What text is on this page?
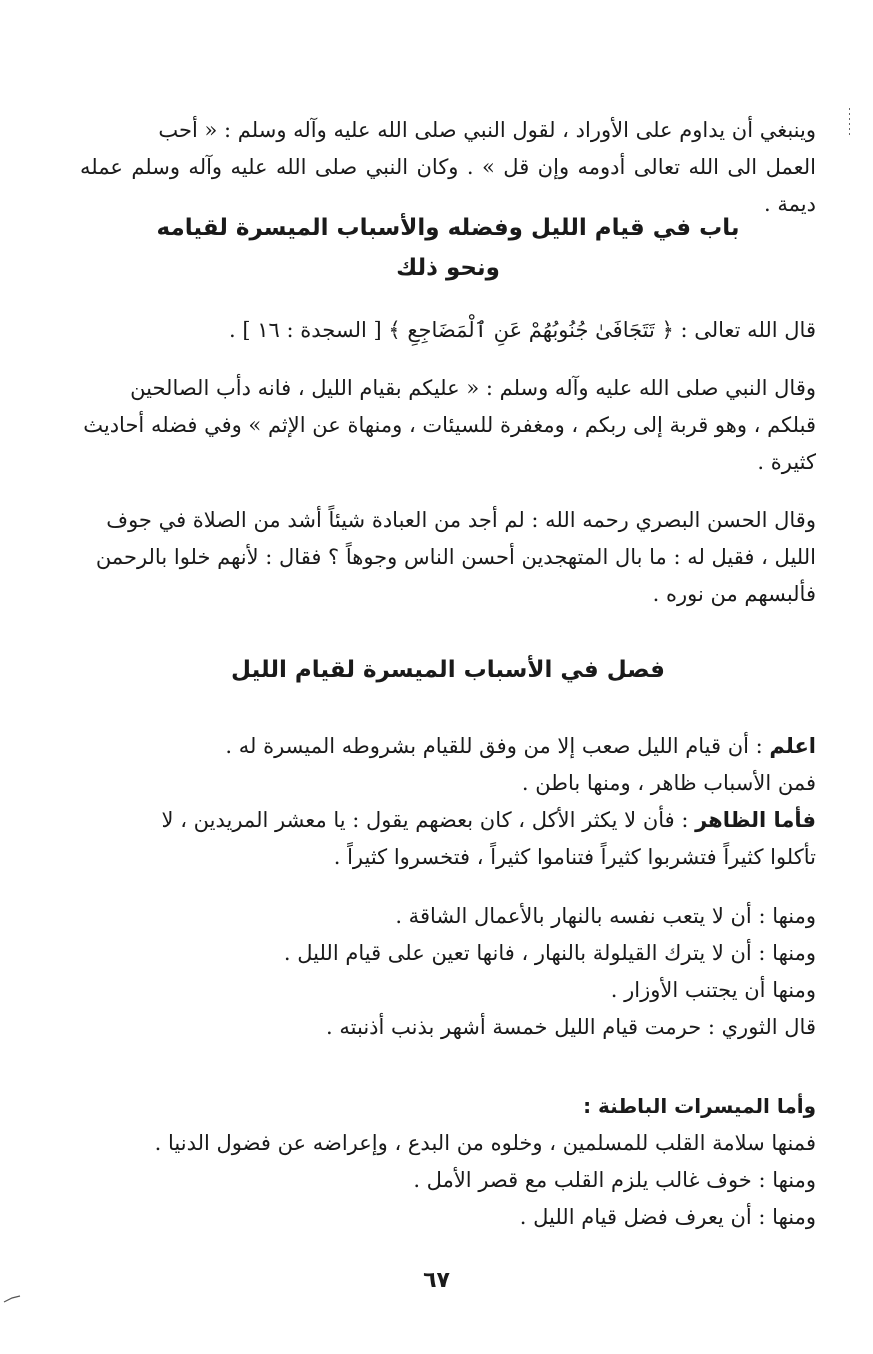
وينبغي أن يداوم على الأوراد ، لقول النبي صلى الله عليه وآله وسلم : « أحب
العمل الى الله تعالى أدومه وإن قل » . وكان النبي صلى الله عليه وآله وسلم عمله ديمة .

باب في قيام الليل وفضله والأسباب الميسرة لقيامه
ونحو ذلك

قال الله تعالى : ﴿ تَتَجَافَىٰ جُنُوبُهُمْ عَنِ ٱلْمَضَاجِعِ ﴾ [ السجدة : ١٦ ] .

وقال النبي صلى الله عليه وآله وسلم : « عليكم بقيام الليل ، فانه دأب الصالحين
قبلكم ، وهو قربة إلى ربكم ، ومغفرة للسيئات ، ومنهاة عن الإثم » وفي فضله أحاديث
كثيرة .

وقال الحسن البصري رحمه الله : لم أجد من العبادة شيئاً أشد من الصلاة في جوف
الليل ، فقيل له : ما بال المتهجدين أحسن الناس وجوهاً ؟ فقال : لأنهم خلوا بالرحمن
فألبسهم من نوره .

فصل في الأسباب الميسرة لقيام الليل

اعلم : أن قيام الليل صعب إلا من وفق للقيام بشروطه الميسرة له .
فمن الأسباب ظاهر ، ومنها باطن .
فأما الظاهر : فأن لا يكثر الأكل ، كان بعضهم يقول : يا معشر المريدين ، لا
تأكلوا كثيراً فتشربوا كثيراً فتناموا كثيراً ، فتخسروا كثيراً .

ومنها : أن لا يتعب نفسه بالنهار بالأعمال الشاقة .
ومنها : أن لا يترك القيلولة بالنهار ، فانها تعين على قيام الليل .
ومنها أن يجتنب الأوزار .
قال الثوري : حرمت قيام الليل خمسة أشهر بذنب أذنبته .
وأما الميسرات الباطنة :
فمنها سلامة القلب للمسلمين ، وخلوه من البدع ، وإعراضه عن فضول الدنيا .
ومنها : خوف غالب يلزم القلب مع قصر الأمل .
ومنها : أن يعرف فضل قيام الليل .
٦٧
